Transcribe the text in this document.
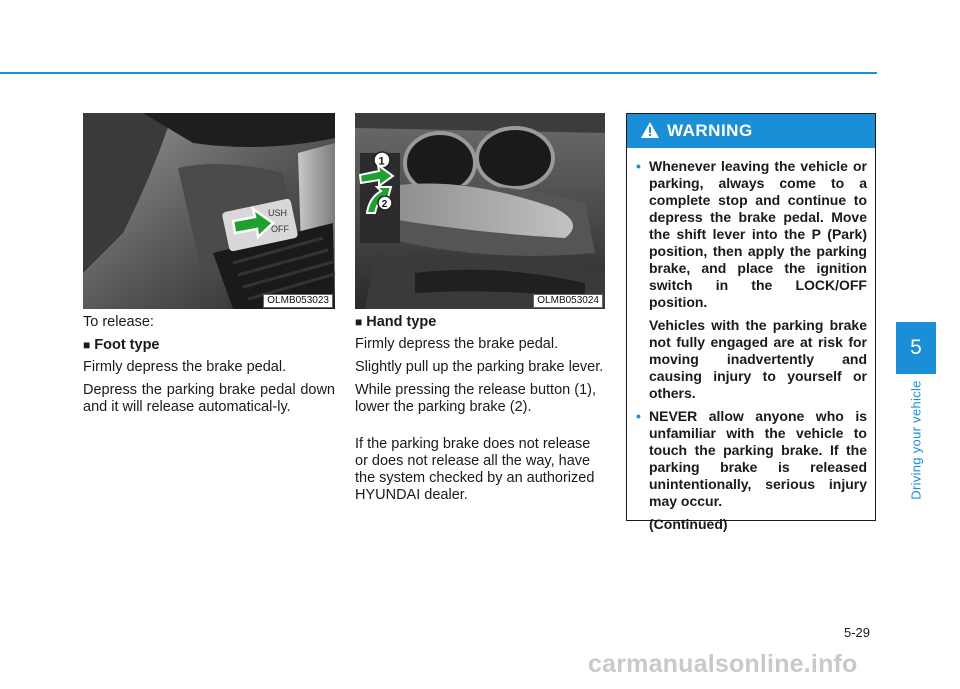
USH
OFF
OLMB053023

To release:

■ Foot type

Firmly depress the brake pedal.

Depress the parking brake pedal down and it will release automatical-ly.

1
2
OLMB053024

■ Hand type

Firmly depress the brake pedal.

Slightly pull up the parking brake lever.

While pressing the release button (1), lower the parking brake (2).

If the parking brake does not release or does not release all the way, have the system checked by an authorized HYUNDAI dealer.

WARNING
• Whenever leaving the vehicle or parking, always come to a complete stop and continue to depress the brake pedal. Move the shift lever into the P (Park) position, then apply the parking brake, and place the ignition switch in the LOCK/OFF position.
Vehicles with the parking brake not fully engaged are at risk for moving inadvertently and causing injury to yourself or others.
• NEVER allow anyone who is unfamiliar with the vehicle to touch the parking brake. If the parking brake is released unintentionally, serious injury may occur.

(Continued)

5
Driving your vehicle
5-29
carmanualsonline.info
